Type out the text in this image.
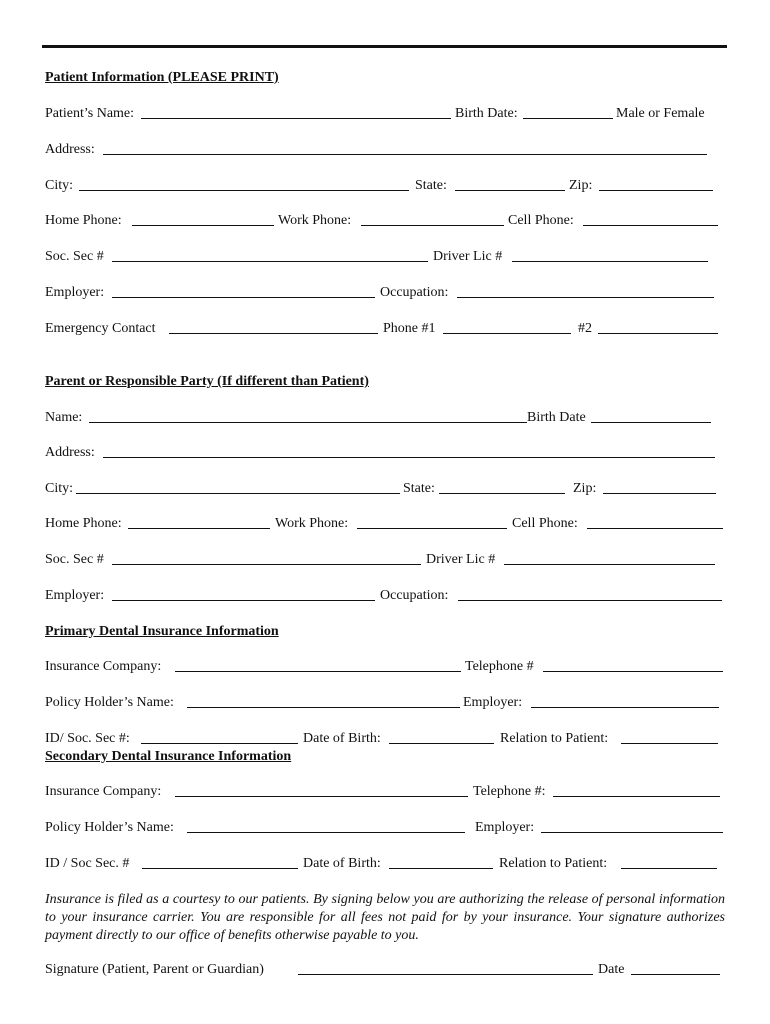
Patient Information (PLEASE PRINT)
Patient’s Name:	Birth Date:	Male or Female
Address:
City:	State:	Zip:
Home Phone:	Work Phone:	Cell Phone:
Soc. Sec #	Driver Lic #
Employer:	Occupation:
Emergency Contact	Phone #1	#2
Parent or Responsible Party (If different than Patient)
Name:	Birth Date
Address:
City:	State:	Zip:
Home Phone:	Work Phone:	Cell Phone:
Soc. Sec #	Driver Lic #
Employer:	Occupation:
Primary Dental Insurance Information
Insurance Company:	Telephone #
Policy Holder’s Name:	Employer:
ID/ Soc. Sec #:	Date of Birth:	Relation to Patient:
Secondary Dental Insurance Information
Insurance Company:	Telephone #:
Policy Holder’s Name:	Employer:
ID / Soc Sec. #	Date of Birth:	Relation to Patient:
Insurance is filed as a courtesy to our patients. By signing below you are authorizing the release of personal information to your insurance carrier. You are responsible for all fees not paid for by your insurance. Your signature authorizes payment directly to our office of benefits otherwise payable to you.
Signature (Patient, Parent or Guardian)	Date
